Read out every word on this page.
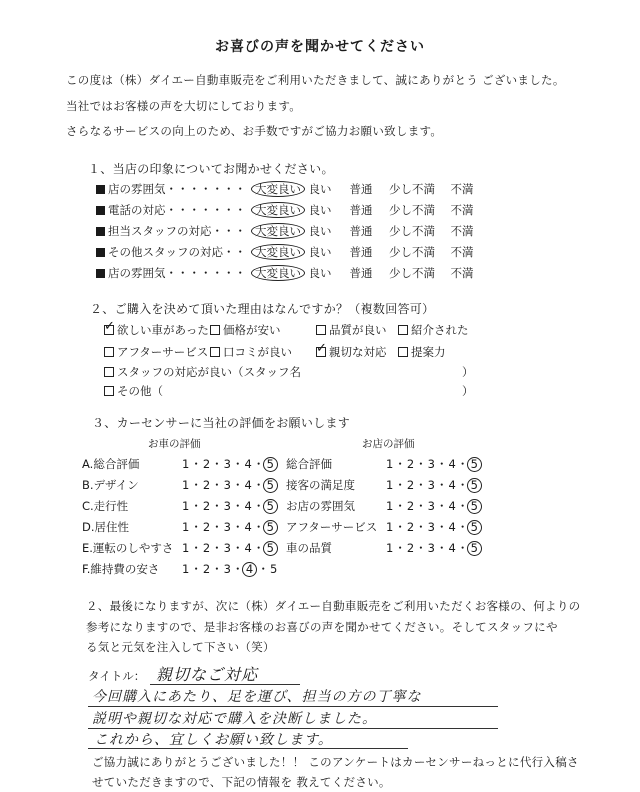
お喜びの声を聞かせてください
この度は（株）ダイエー自動車販売をご利用いただきまして、誠にありがとう ございました。
当社ではお客様の声を大切にしております。
さらなるサービスの向上のため、お手数ですがご協力お願い致します。
１、当店の印象についてお聞かせください。
店の雰囲気・・・・・・・ 大変良い 良い 普通 少し不満 不満
電話の対応・・・・・・・ 大変良い 良い 普通 少し不満 不満
担当スタッフの対応・・・ 大変良い 良い 普通 少し不満 不満
その他スタッフの対応・・ 大変良い 良い 普通 少し不満 不満
店の雰囲気・・・・・・・ 大変良い 良い 普通 少し不満 不満
２、ご購入を決めて頂いた理由はなんですか？（複数回答可）
✓欲しい車があった 価格が安い	品質が良い 紹介された
アフターサービス 口コミが良い✓	親切な対応 提案力
スタッフの対応が良い（スタッフ名	）
その他（	）
３、カーセンサーに当社の評価をお願いします
お車の評価	お店の評価
A.総合評価	1・2・3・4・5
B.デザイン	1・2・3・4・5
C.走行性	1・2・3・4・5
D.居住性	1・2・3・4・5
E.運転のしやすさ 1・2・3・4・5
F.維持費の安さ 1・2・3・4 ・5
総合評価	1・2・3・4・5
接客の満足度	1・2・3・4・5
お店の雰囲気	1・2・3・4・5
アフターサービス 1・2・3・4・5
車の品質	1・2・3・4・5
２、最後になりますが、次に（株）ダイエー自動車販売をご利用いただくお客様の、何よりの
参考になりますので、是非お客様のお喜びの声を聞かせてください。そしてスタッフにや
る気と元気を注入して下さい（笑）
タイトル： 親切なご対応
今回購入にあたり、足を運び、担当の方の丁寧な
説明や親切な対応で購入を決断しました。
これから、宜しくお願い致します。
ご協力誠にありがとうございました！！ このアンケートはカーセンサーねっとに代行入稿さ
せていただきますので、下記の情報を 教えてください。
